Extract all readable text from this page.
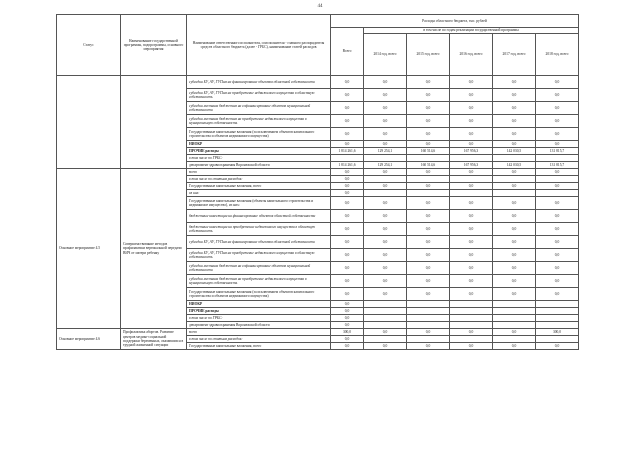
44
Статус	Наименование государственной программы, подпрограммы, основного мероприятия	Наименование ответственного исполнителя, соисполнителя - главного распорядителя средств областного бюджета (далее - ГРБС), наименование статей расходов	Расходы областного бюджета, тыс. рублей					
			Всего	в том числе по годам реализации государственной программы				
				2014 год, всего	2015 год, всего	2016 год, всего	2017 год, всего	2018 год, всего
		субсидии БУ, АУ, ГУПам на финансирование объектов областной собственности	0,0	0,0	0,0	0,0	0,0	0,0
		субсидии БУ, АУ, ГУПам на приобретение недвижимого имущества в областную собственность	0,0	0,0	0,0	0,0	0,0	0,0
		субсидии местным бюджетам на софинансирование объектов муниципальной собственности	0,0	0,0	0,0	0,0	0,0	0,0
		субсидии местным бюджетам на приобретение недвижимого имущества в муниципальную собственность	0,0	0,0	0,0	0,0	0,0	0,0
		Государственные капитальные вложения (за исключением объектов капитального строительства и объектов недвижимого имущества)	0,0	0,0	0,0	0,0	0,0	0,0
		НИОКР	0,0	0,0	0,0	0,0	0,0	0,0
		ПРОЧИЕ расходы	1 814 261,6	129 254,1	160 514,6	167 956,3	142 030,5	131 815,7
		в том числе по ГРБС:						
		департамент здравоохранения Воронежской области	1 814 261,6	129 254,1	160 514,6	167 956,3	142 030,5	131 815,7
Основное мероприятие 4.5	Совершенствование методов профилактики вертикальной передачи ВИЧ от матери ребенку	всего	0,0	0,0	0,0	0,0	0,0	0,0
		в том числе по статьям расходов:	0,0					
		Государственные капитальные вложения, всего	0,0	0,0	0,0	0,0	0,0	0,0
		из них:	0,0					
		Государственные капитальные вложения (объекты капитального строительства и недвижимое имущество), из них:	0,0	0,0	0,0	0,0	0,0	0,0
		бюджетные инвестиции на финансирование объектов областной собственности	0,0	0,0	0,0	0,0	0,0	0,0
		бюджетные инвестиции на приобретение недвижимого имущества в областную собственность	0,0	0,0	0,0	0,0	0,0	0,0
		субсидии БУ, АУ, ГУПам на финансирование объектов областной собственности	0,0	0,0	0,0	0,0	0,0	0,0
		субсидии БУ, АУ, ГУПам на приобретение недвижимого имущества в областную собственность	0,0	0,0	0,0	0,0	0,0	0,0
		субсидии местным бюджетам на софинансирование объектов муниципальной собственности	0,0	0,0	0,0	0,0	0,0	0,0
		субсидии местным бюджетам на приобретение недвижимого имущества в муниципальную собственность	0,0	0,0	0,0	0,0	0,0	0,0
		Государственные капитальные вложения (за исключением объектов капитального строительства и объектов недвижимого имущества)	0,0	0,0	0,0	0,0	0,0	0,0
		НИОКР	0,0					
		ПРОЧИЕ расходы	0,0					
		в том числе по ГРБС:	0,0					
		департамент здравоохранения Воронежской области	0,0					
Основное мероприятие 4.6	Профилактика абортов. Развитие центров медико-социальной поддержки беременных, оказавшихся в трудной жизненной ситуации	всего	300,0	0,0	0,0	0,0	0,0	300,0
		в том числе по статьям расходов:	0,0					
		Государственные капитальные вложения, всего	0,0	0,0	0,0	0,0	0,0	0,0
